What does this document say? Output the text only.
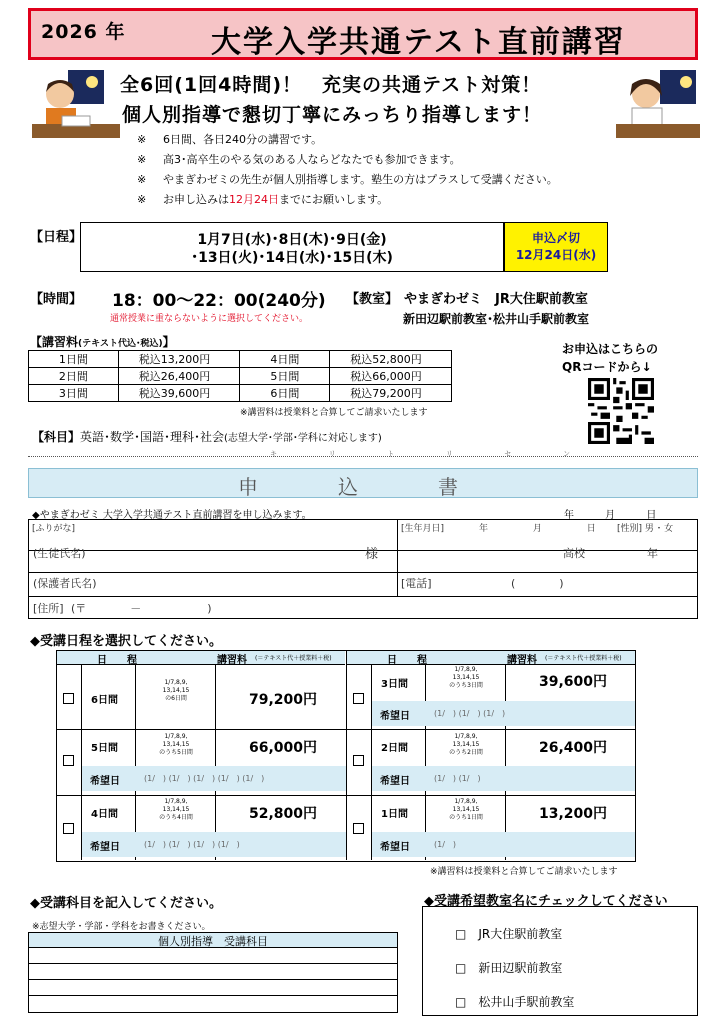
2026 年	大学入学共通テスト直前講習
全6回(1回4時間)！　充実の共通テスト対策！
個人別指導で懇切丁寧にみっちり指導します！
※ 6日間、各日240分の講習です。
※ 高3･高卒生のやる気のある人ならどなたでも参加できます。
※ やまぎわゼミの先生が個人別指導します。塾生の方はプラスして受講ください。
※ お申し込みは12月24日までにお願いします。
【日程】	1月7日(水)･8日(木)･9日(金)
･13日(火)･14日(水)･15日(木)
申込〆切
12月24日(水)
【時間】 18：00～22：00(240分)
通常授業に重ならないように選択してください。
【教室】 やまぎわゼミ　JR大住駅前教室
新田辺駅前教室･松井山手駅前教室
【講習料(テキスト代込･税込)】
1日間	税込13,200円	4日間	税込52,800円
2日間	税込26,400円	5日間	税込66,000円
3日間	税込39,600円	6日間	税込79,200円
※講習料は授業料と合算してご請求いたします
お申込はこちらの
QRコードから↓
【科目】英語･数学･国語･理科･社会(志望大学･学部･学科に対応します)
キ	リ	ト	リ	セ	ン
申　込　書
◆やまぎわゼミ 大学入学共通テスト直前講習を申し込みます。	年 月 日
[ふりがな]	[生年月日]	年 月 日 [性別] 男 ･ 女
(生徒氏名)	様	高校	年
(保護者氏名)	[電話]	(　　　　)
[住所] (〒　　　　－　　　　　　)
◆受講日程を選択してください。
日　　程	講習料 (＝テキスト代＋授業料＋税)	日　　程	講習料 (＝テキスト代＋授業料＋税)
6日間
1/7,8,9,
13,14,15
の6日間	79,200円
5日間
1/7,8,9,
13,14,15
のうち5日間	66,000円
希望日	(1/　) (1/　) (1/　) (1/　) (1/　)
4日間
1/7,8,9,
13,14,15
のうち4日間	52,800円
希望日	(1/　) (1/　) (1/　) (1/　)
3日間
1/7,8,9,
13,14,15
のうち3日間	39,600円
希望日	(1/　) (1/　) (1/　)
2日間
1/7,8,9,
13,14,15
のうち2日間	26,400円
希望日	(1/　) (1/　)
1日間
1/7,8,9,
13,14,15
のうち1日間	13,200円
希望日	(1/　)
※講習料は授業料と合算してご請求いたします
◆受講科目を記入してください。
※志望大学・学部・学科をお書きください。
個人別指導　受講科目
◆受講希望教室名にチェックしてください
□　JR大住駅前教室
□　新田辺駅前教室
□　松井山手駅前教室
